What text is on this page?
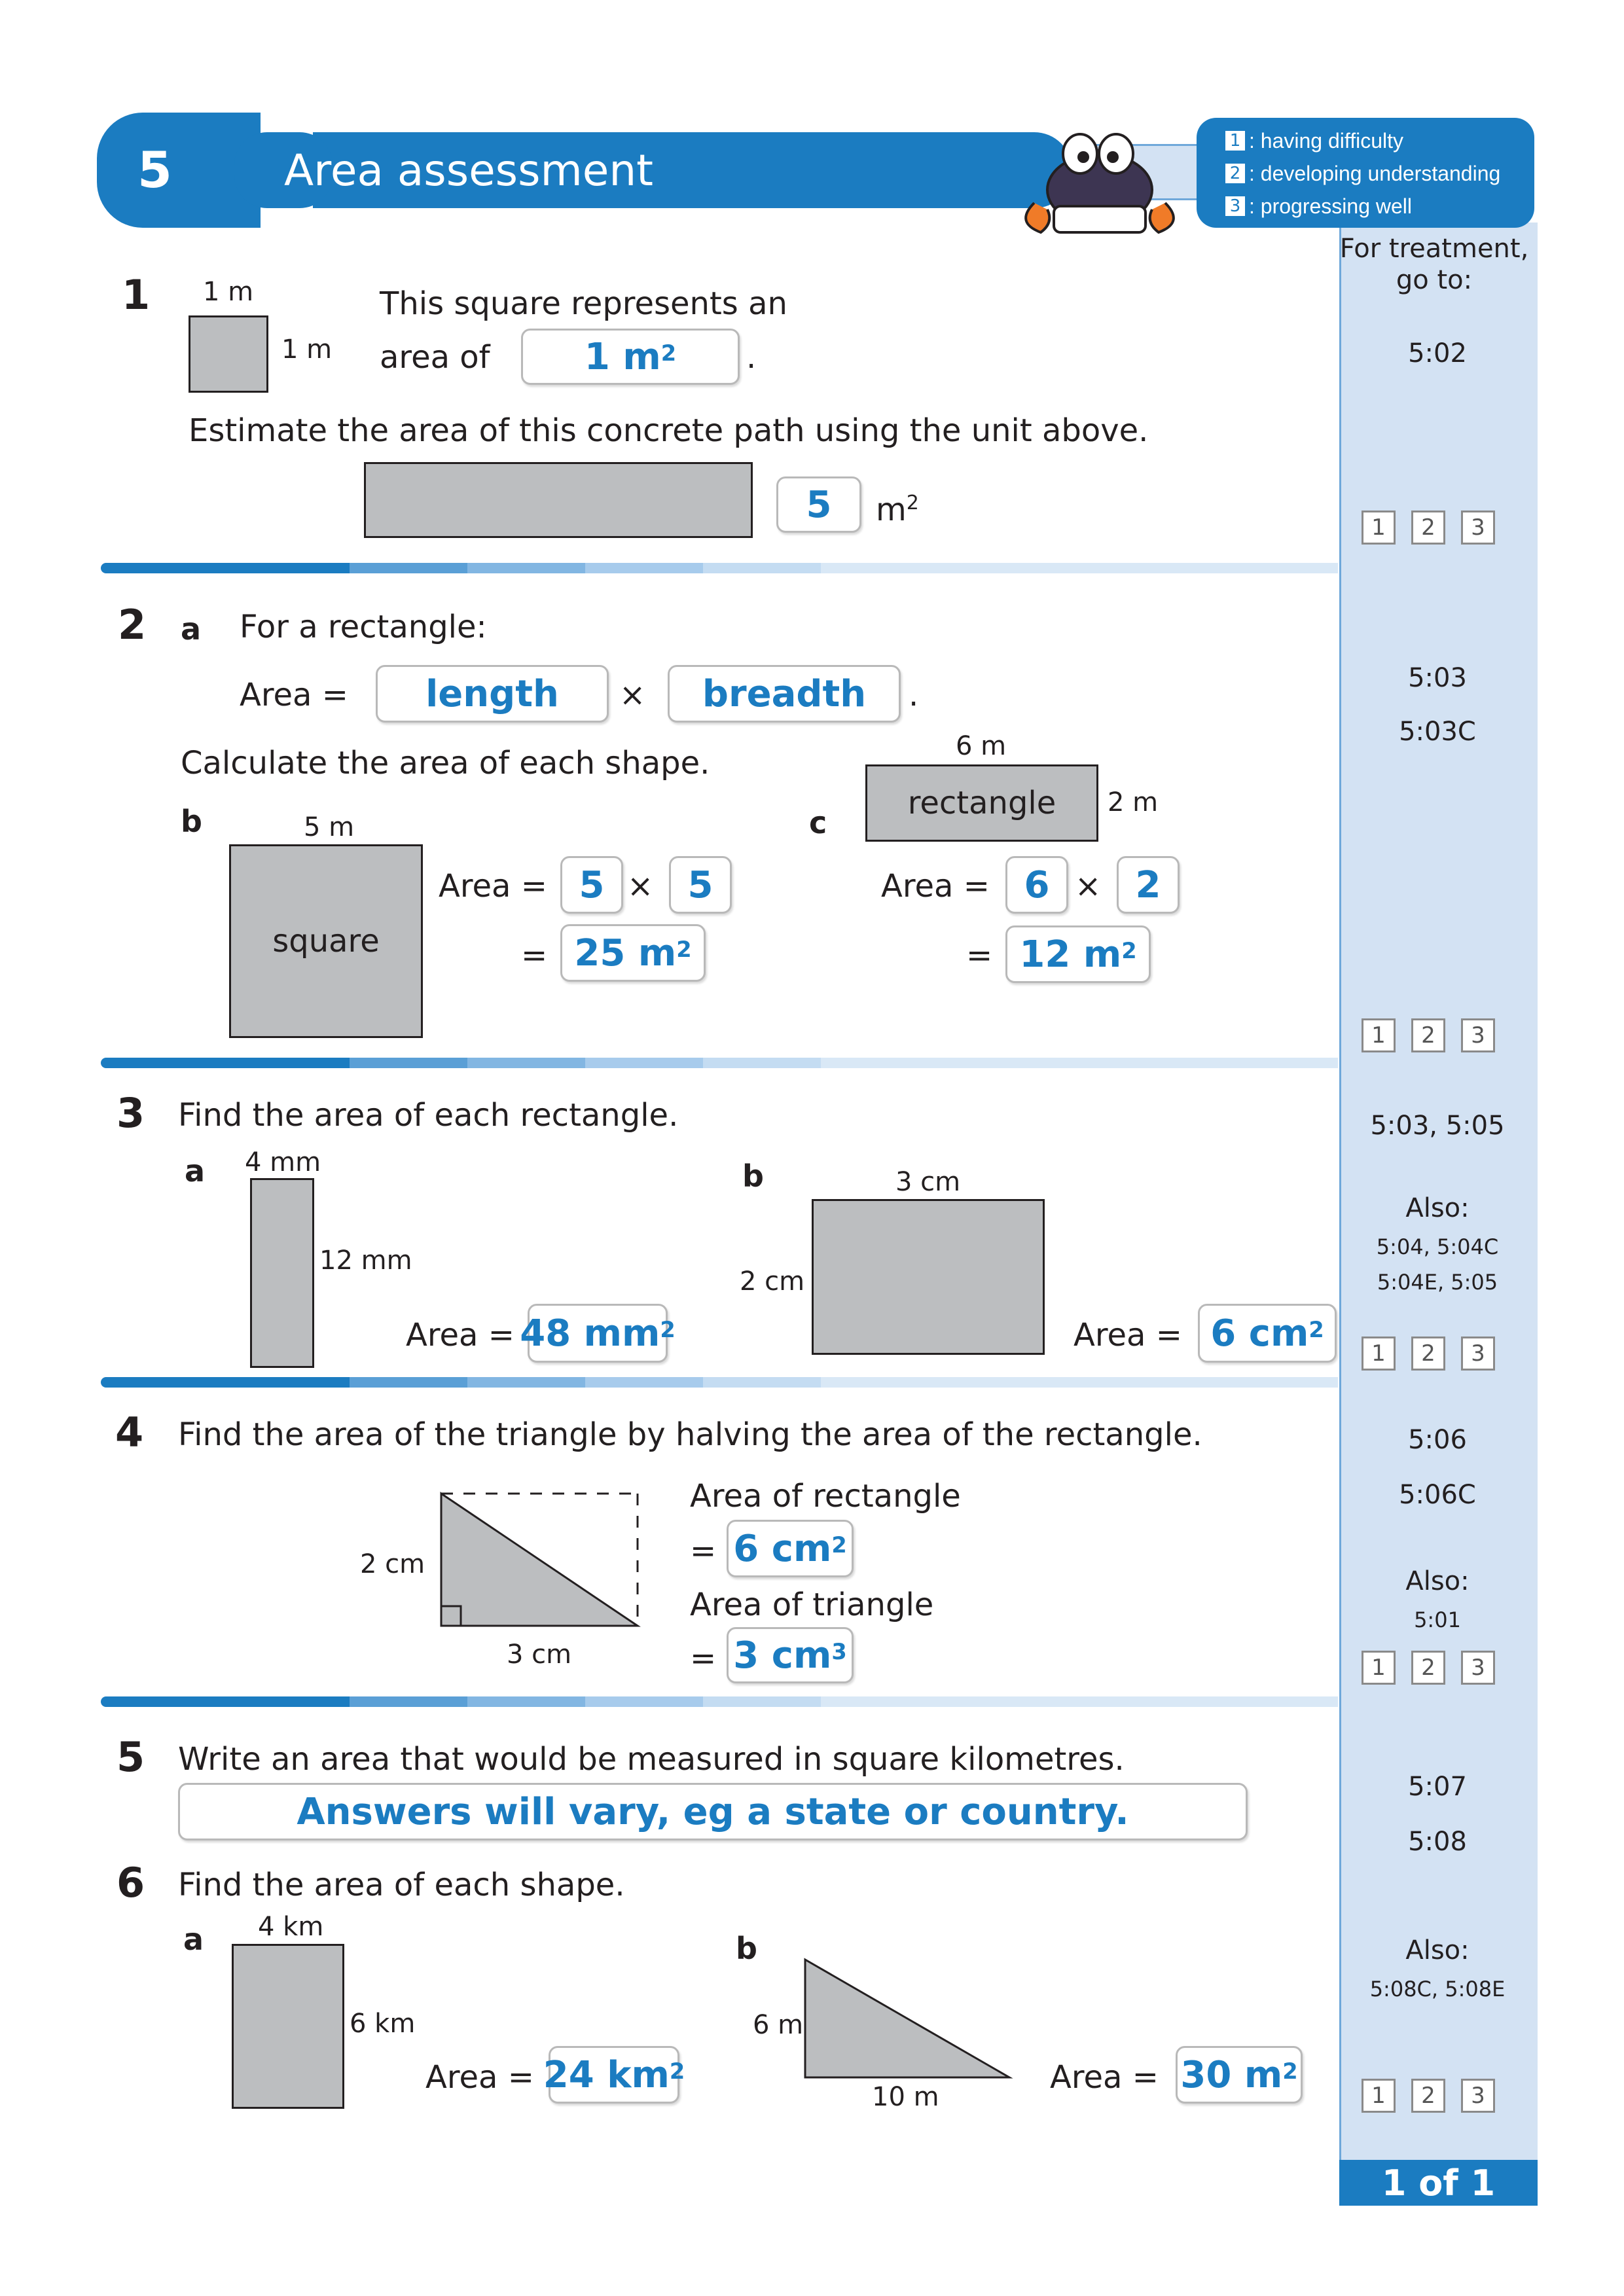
5	Area assessment
1 : having difficulty
2 : developing understanding
3 : progressing well
For treatment, go to:
5:02
1	2	3
5:03
5:03C
1	2	3
5:03, 5:05
Also:
5:04, 5:04C
5:04E, 5:05
1	2	3
5:06
5:06C
Also:
5:01
1	2	3
5:07
5:08
Also:
5:08C, 5:08E
1	2	3
1 of 1
1 1 m
1 m
This square represents an
area of	1 $m^2$ .
Estimate the area of this concrete path using the unit above.
5 $m^2$
2 a For a rectangle:
Area = length × breadth .
Calculate the area of each shape.
b	5 m
square
Area = 5 × 5
= 25 $m^2$
c
6 m
rectangle 2 m
Area = 6 × 2
= 12 $m^2$
3 Find the area of each rectangle.
a 4 mm
12 mm
Area = 48 $mm^2$
b	3 cm
2 cm
Area = 6 $cm^2$
4 Find the area of the triangle by halving the area of the rectangle.
2 cm
3 cm
Area of rectangle
= 6 $cm^2$
Area of triangle
= 3 $cm^3$
5 Write an area that would be measured in square kilometres.
Answers will vary, eg a state or country.
6 Find the area of each shape.
a 4 km
6 km
Area = 24 $km^2$
b
6 m
10 m
Area = 30 $m^2$
